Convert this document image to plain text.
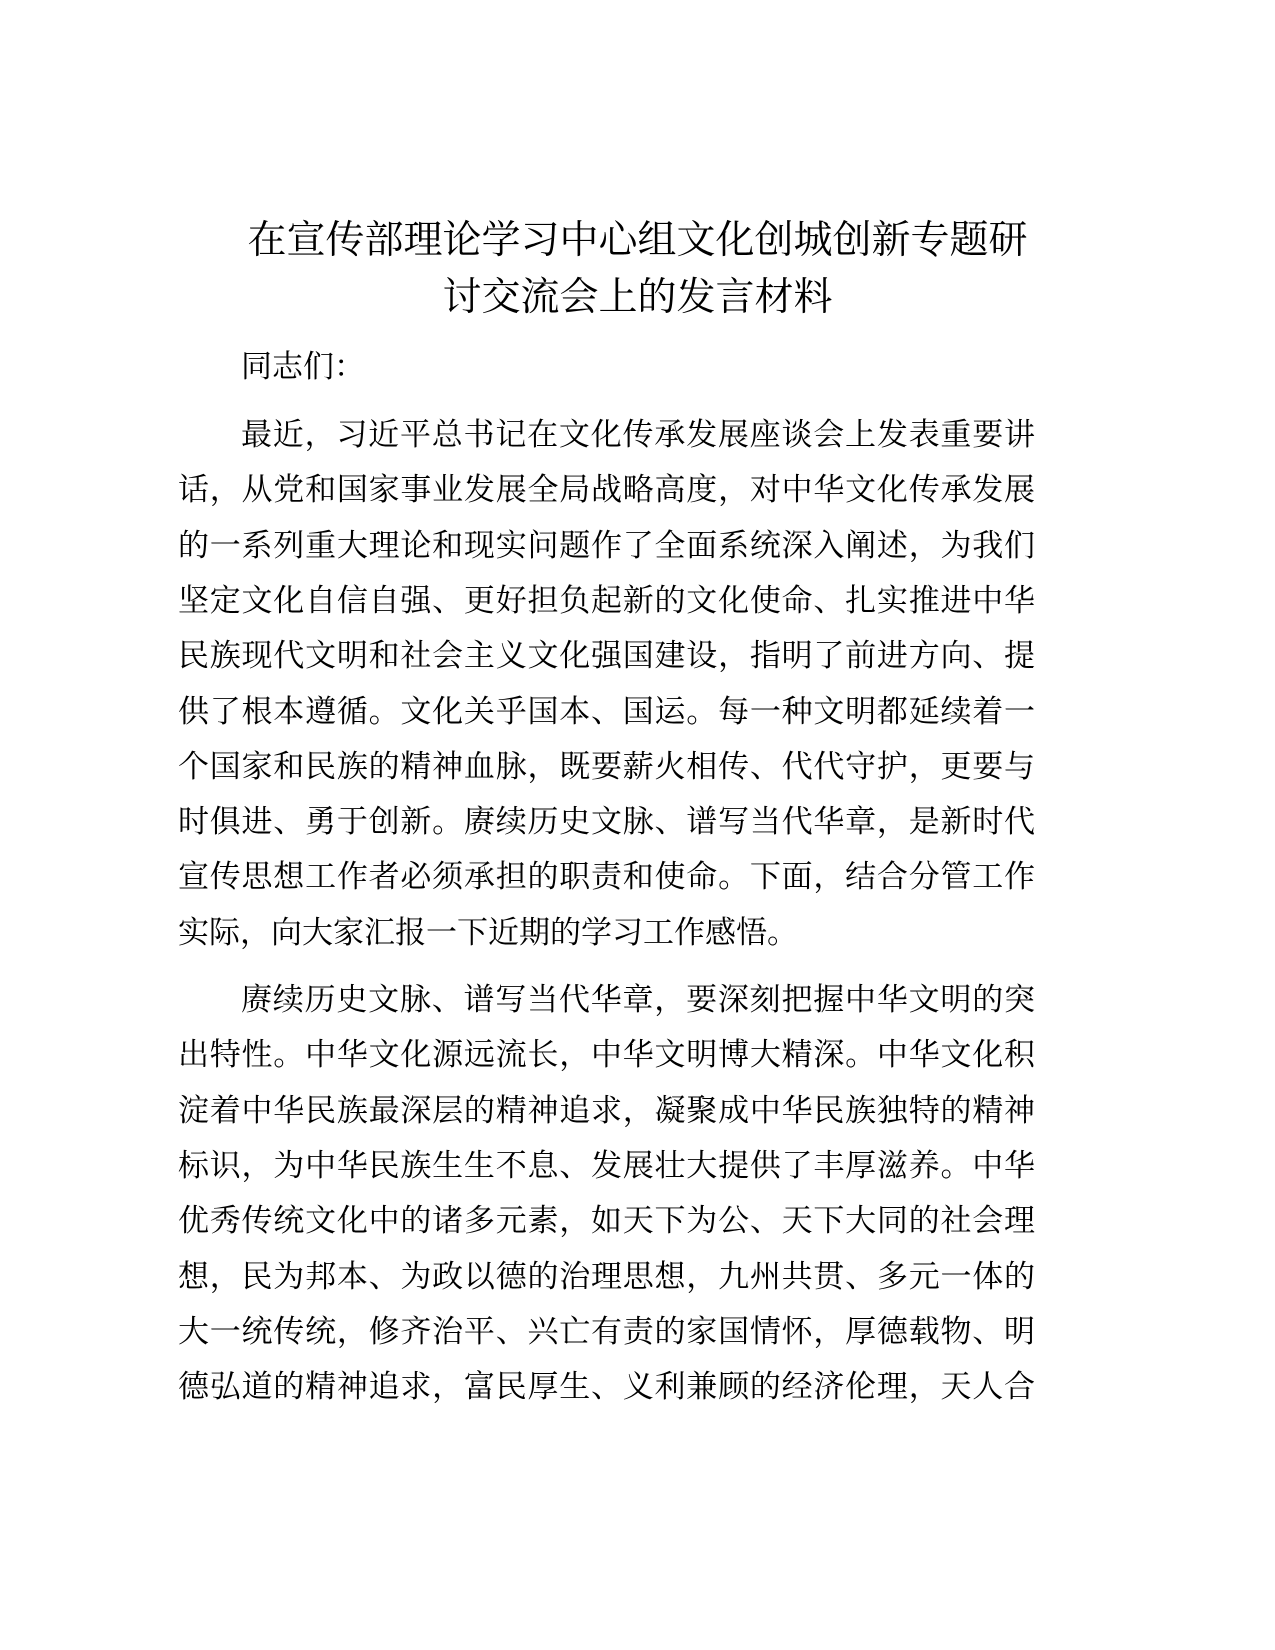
在宣传部理论学习中心组文化创城创新专题研
讨交流会上的发言材料
同志们：
最近，习近平总书记在文化传承发展座谈会上发表重要讲
话，从党和国家事业发展全局战略高度，对中华文化传承发展
的一系列重大理论和现实问题作了全面系统深入阐述，为我们
坚定文化自信自强、更好担负起新的文化使命、扎实推进中华
民族现代文明和社会主义文化强国建设，指明了前进方向、提
供了根本遵循。文化关乎国本、国运。每一种文明都延续着一
个国家和民族的精神血脉，既要薪火相传、代代守护，更要与
时俱进、勇于创新。赓续历史文脉、谱写当代华章，是新时代
宣传思想工作者必须承担的职责和使命。下面，结合分管工作
实际，向大家汇报一下近期的学习工作感悟。
赓续历史文脉、谱写当代华章，要深刻把握中华文明的突
出特性。中华文化源远流长，中华文明博大精深。中华文化积
淀着中华民族最深层的精神追求，凝聚成中华民族独特的精神
标识，为中华民族生生不息、发展壮大提供了丰厚滋养。中华
优秀传统文化中的诸多元素，如天下为公、天下大同的社会理
想，民为邦本、为政以德的治理思想，九州共贯、多元一体的
大一统传统，修齐治平、兴亡有责的家国情怀，厚德载物、明
德弘道的精神追求，富民厚生、义利兼顾的经济伦理，天人合
